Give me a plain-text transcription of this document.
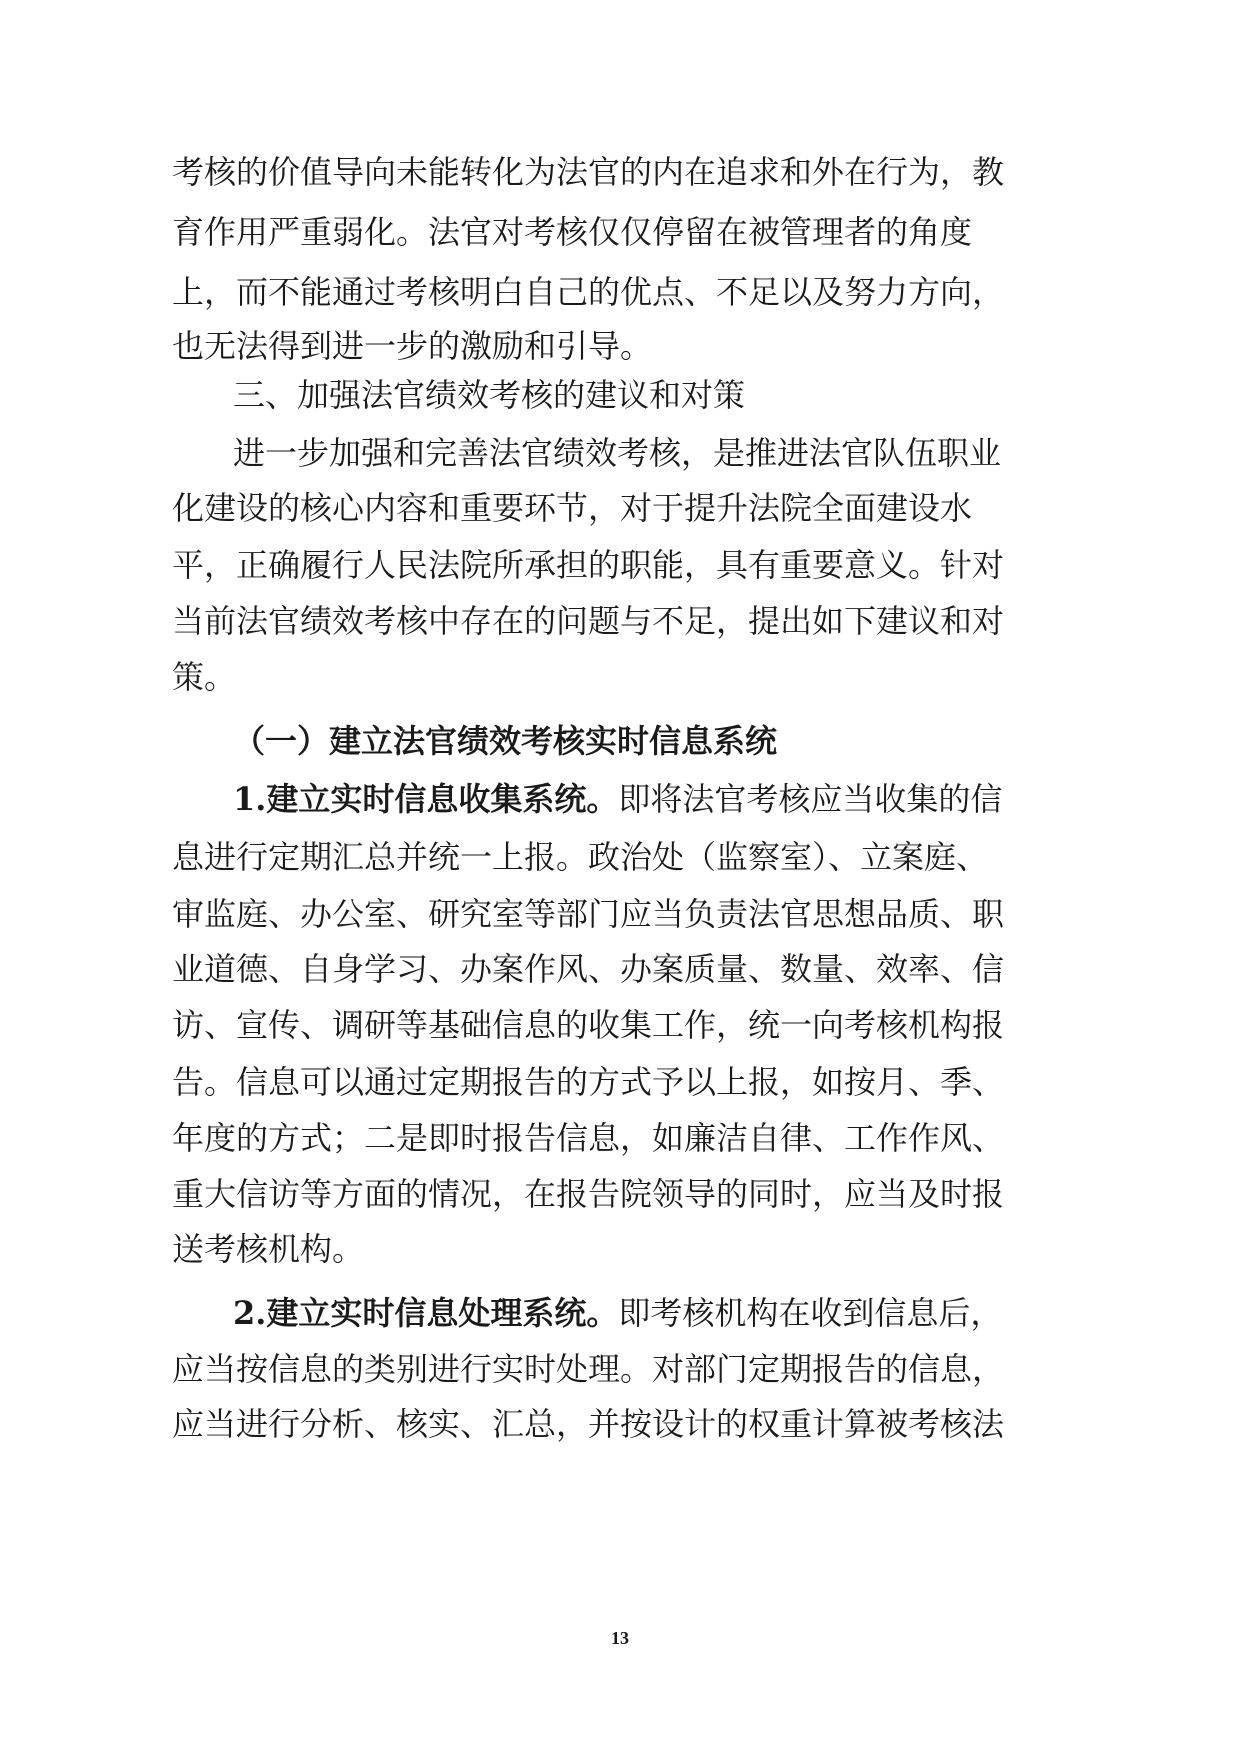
考核的价值导向未能转化为法官的内在追求和外在行为，教
育作用严重弱化。法官对考核仅仅停留在被管理者的角度
上，而不能通过考核明白自己的优点、不足以及努力方向，
也无法得到进一步的激励和引导。
三、加强法官绩效考核的建议和对策
进一步加强和完善法官绩效考核，是推进法官队伍职业
化建设的核心内容和重要环节，对于提升法院全面建设水
平，正确履行人民法院所承担的职能，具有重要意义。针对
当前法官绩效考核中存在的问题与不足，提出如下建议和对
策。
（一）建立法官绩效考核实时信息系统
1.建立实时信息收集系统。即将法官考核应当收集的信
息进行定期汇总并统一上报。政治处（监察室）、立案庭、
审监庭、办公室、研究室等部门应当负责法官思想品质、职
业道德、自身学习、办案作风、办案质量、数量、效率、信
访、宣传、调研等基础信息的收集工作，统一向考核机构报
告。信息可以通过定期报告的方式予以上报，如按月、季、
年度的方式；二是即时报告信息，如廉洁自律、工作作风、
重大信访等方面的情况，在报告院领导的同时，应当及时报
送考核机构。
2.建立实时信息处理系统。即考核机构在收到信息后，
应当按信息的类别进行实时处理。对部门定期报告的信息，
应当进行分析、核实、汇总，并按设计的权重计算被考核法
13
